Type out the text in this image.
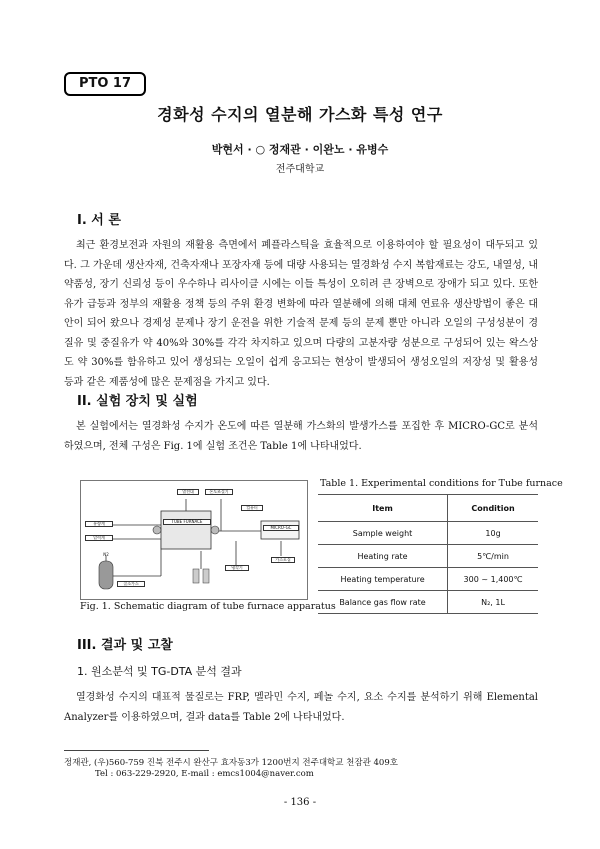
PTO 17
경화성 수지의 열분해 가스화 특성 연구
박현서 · ○ 정재관 · 이완노 · 유병수
전주대학교
I. 서 론
최근 환경보전과 자원의 재활용 측면에서 폐플라스틱을 효율적으로 이용하여야 할 필요성이 대두되고 있다. 그 가운데 생산자재, 건축자재나 포장자재 등에 대량 사용되는 열경화성 수지 복합재료는 강도, 내열성, 내약품성, 장기 신뢰성 등이 우수하나 리사이클 시에는 이들 특성이 오히려 큰 장벽으로 장애가 되고 있다. 또한 유가 급등과 정부의 재활용 정책 등의 주위 환경 변화에 따라 열분해에 의해 대체 연료유 생산방법이 좋은 대안이 되어 왔으나 경제성 문제나 장기 운전을 위한 기술적 문제 등의 문제 뿐만 아니라 오일의 구성성분이 경질유 및 중질유가 약 40%와 30%를 각각 차지하고 있으며 다량의 고분자량 성분으로 구성되어 있는 왁스상도 약 30%를 함유하고 있어 생성되는 오일이 쉽게 응고되는 현상이 발생되어 생성오일의 저장성 및 활용성 등과 같은 제품성에 많은 문제점을 가지고 있다.
II. 실험 장치 및 실험
본 실험에서는 열경화성 수지가 온도에 따른 열분해 가스화의 발생가스를 포집한 후 MICRO-GC로 분석하였으며, 전체 구성은 Fig. 1에 실험 조건은 Table 1에 나타내었다.
TUBE FURNACE
MICRO-GC
열전대	온도조절기
유량계
압력계
냉각기
가스포집
컴퓨터
질소가스
N2
Fig. 1. Schematic diagram of tube furnace apparatus
Table 1. Experimental conditions for Tube furnace
Item	Condition
Sample weight	10g
Heating rate	5℃/min
Heating temperature	300 ~ 1,400℃
Balance gas flow rate	N₂, 1L
III. 결과 및 고찰
1. 원소분석 및 TG-DTA 분석 결과
열경화성 수지의 대표적 물질로는 FRP, 멜라민 수지, 페놀 수지, 요소 수지를 분석하기 위해 Elemental Analyzer를 이용하였으며, 결과 data를 Table 2에 나타내었다.
정재관, (우)560-759 진북 전주시 완산구 효자동3가 1200번지 전주대학교 천잠관 409호
Tel : 063-229-2920, E-mail : emcs1004@naver.com
- 136 -
